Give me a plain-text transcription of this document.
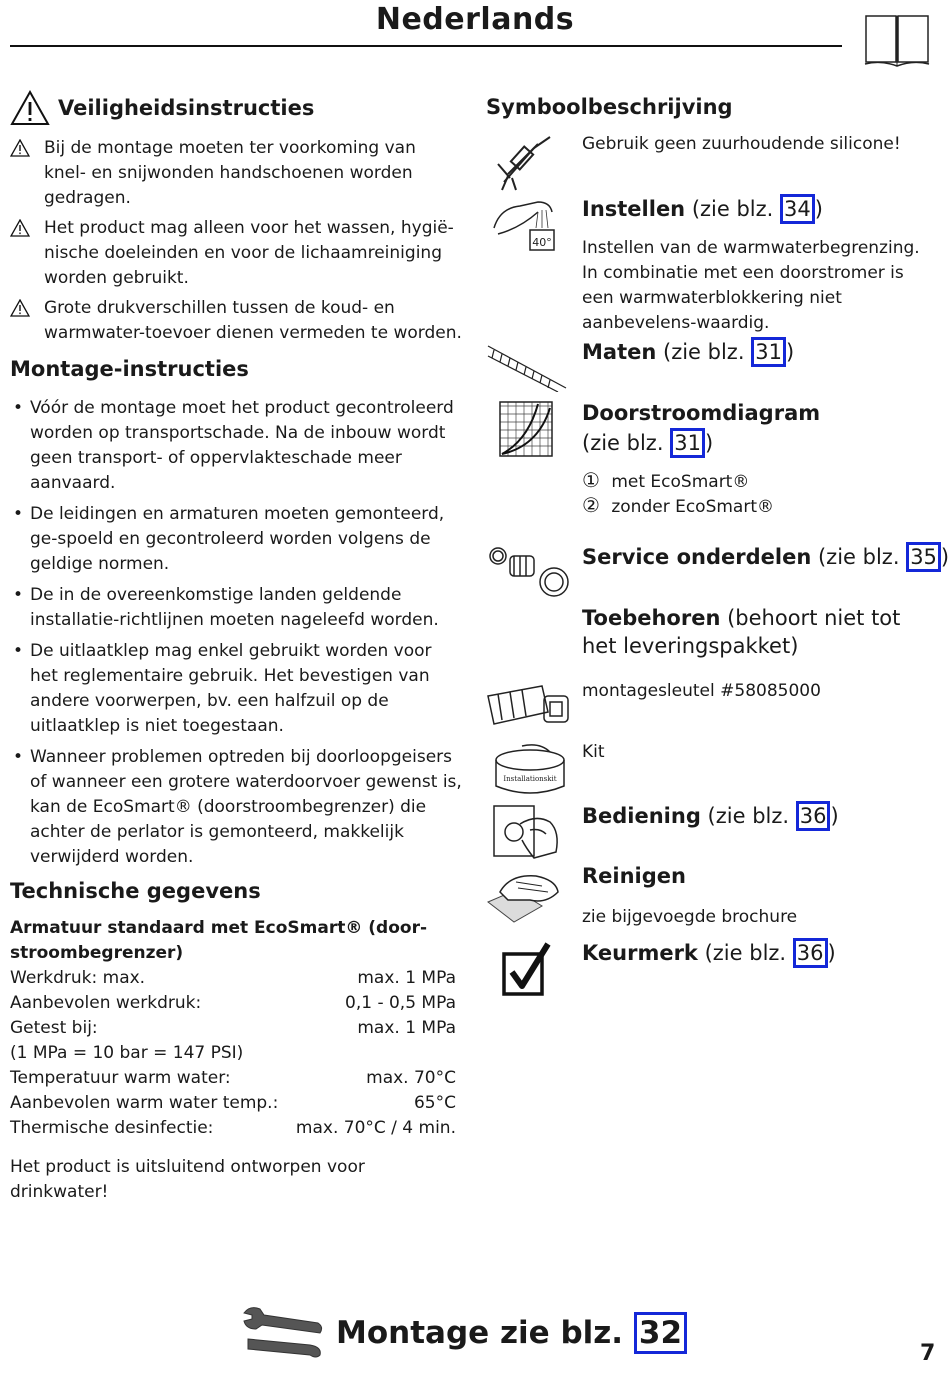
Nederlands
Veiligheidsinstructies
Bij de montage moeten ter voorkoming van knel- en snijwonden handschoenen worden gedragen.
Het product mag alleen voor het wassen, hygië-nische doeleinden en voor de lichaamreiniging worden gebruikt.
Grote drukverschillen tussen de koud- en warmwater-toevoer dienen vermeden te worden.
Montage-instructies
• Vóór de montage moet het product gecontroleerd worden op transportschade. Na de inbouw wordt geen transport- of oppervlakteschade meer aanvaard.
• De leidingen en armaturen moeten gemonteerd, ge-spoeld en gecontroleerd worden volgens de geldige normen.
• De in de overeenkomstige landen geldende installatie-richtlijnen moeten nageleefd worden.
• De uitlaatklep mag enkel gebruikt worden voor het reglementaire gebruik. Het bevestigen van andere voorwerpen, bv. een halfzuil op de uitlaatklep is niet toegestaan.
• Wanneer problemen optreden bij doorloopgeisers of wanneer een grotere waterdoorvoer gewenst is, kan de EcoSmart® (doorstroombegrenzer) die achter de perlator is gemonteerd, makkelijk verwijderd worden.
Technische gegevens
Armatuur standaard met EcoSmart® (door-stroombegrenzer)
Werkdruk: max.	max. 1 MPa
Aanbevolen werkdruk:	0,1 - 0,5 MPa
Getest bij:	max. 1 MPa
(1 MPa = 10 bar = 147 PSI)
Temperatuur warm water:	max. 70°C
Aanbevolen warm water temp.:	65°C
Thermische desinfectie:	max. 70°C / 4 min.
Het product is uitsluitend ontworpen voor drinkwater!
Symboolbeschrijving
40°
Installationskit
Gebruik geen zuurhoudende silicone!
Instellen (zie blz. 34 )
Instellen van de warmwaterbegrenzing. In combinatie met een doorstromer is een warmwaterblokkering niet aanbevelens-waardig.
Maten (zie blz. 31 )
Doorstroomdiagram
(zie blz. 31 )
① met EcoSmart®
② zonder EcoSmart®
Service onderdelen (zie blz. 35 )
Toebehoren (behoort niet tot het leveringspakket)
montagesleutel #58085000
Kit
Bediening (zie blz. 36 )
Reinigen
zie bijgevoegde brochure
Keurmerk (zie blz. 36 )
Montage zie blz. 32
7
